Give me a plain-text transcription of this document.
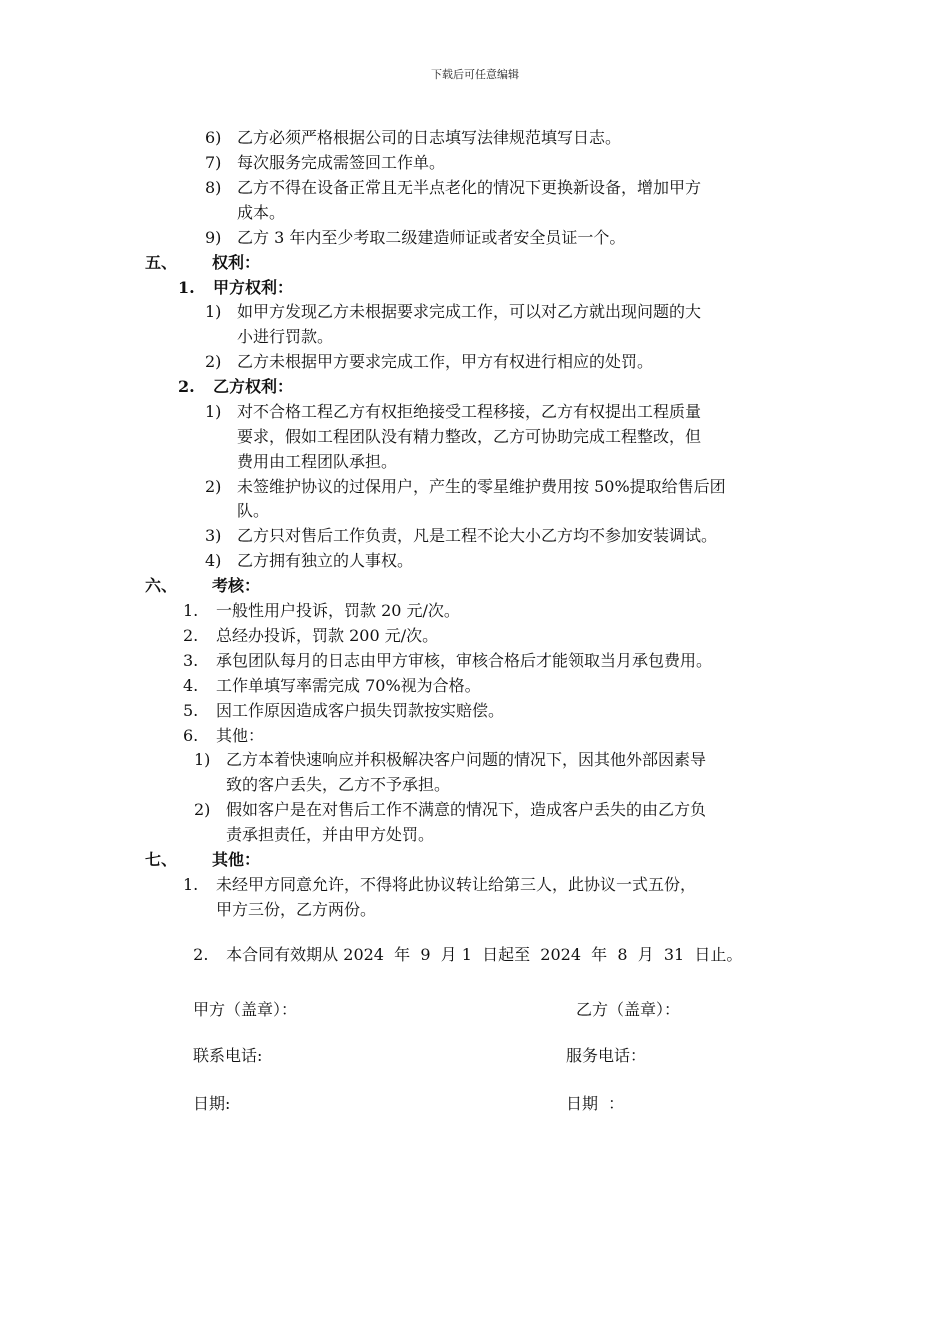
下载后可任意编辑
6) 乙方必须严格根据公司的日志填写法律规范填写日志。
7) 每次服务完成需签回工作单。
8) 乙方不得在设备正常且无半点老化的情况下更换新设备，增加甲方
成本。
9) 乙方 3 年内至少考取二级建造师证或者安全员证一个。
五、 权利：
1. 甲方权利：
1) 如甲方发现乙方未根据要求完成工作，可以对乙方就出现问题的大
小进行罚款。
2) 乙方未根据甲方要求完成工作，甲方有权进行相应的处罚。
2. 乙方权利：
1) 对不合格工程乙方有权拒绝接受工程移接，乙方有权提出工程质量
要求，假如工程团队没有精力整改，乙方可协助完成工程整改，但
费用由工程团队承担。
2) 未签维护协议的过保用户，产生的零星维护费用按 50%提取给售后团
队。
3) 乙方只对售后工作负责，凡是工程不论大小乙方均不参加安装调试。
4) 乙方拥有独立的人事权。
六、 考核：
1. 一般性用户投诉，罚款 20 元/次。
2. 总经办投诉，罚款 200 元/次。
3. 承包团队每月的日志由甲方审核，审核合格后才能领取当月承包费用。
4. 工作单填写率需完成 70%视为合格。
5. 因工作原因造成客户损失罚款按实赔偿。
6. 其他：
1) 乙方本着快速响应并积极解决客户问题的情况下，因其他外部因素导
致的客户丢失，乙方不予承担。
2) 假如客户是在对售后工作不满意的情况下，造成客户丢失的由乙方负
责承担责任，并由甲方处罚。
七、 其他：
1. 未经甲方同意允许，不得将此协议转让给第三人，此协议一式五份，
甲方三份，乙方两份。

2. 本合同有效期从 2024  年  9  月 1  日起至  2024  年  8  月  31  日止。

甲方（盖章）：	乙方（盖章）：
联系电话:	服务电话：
日期:	日期  ：
